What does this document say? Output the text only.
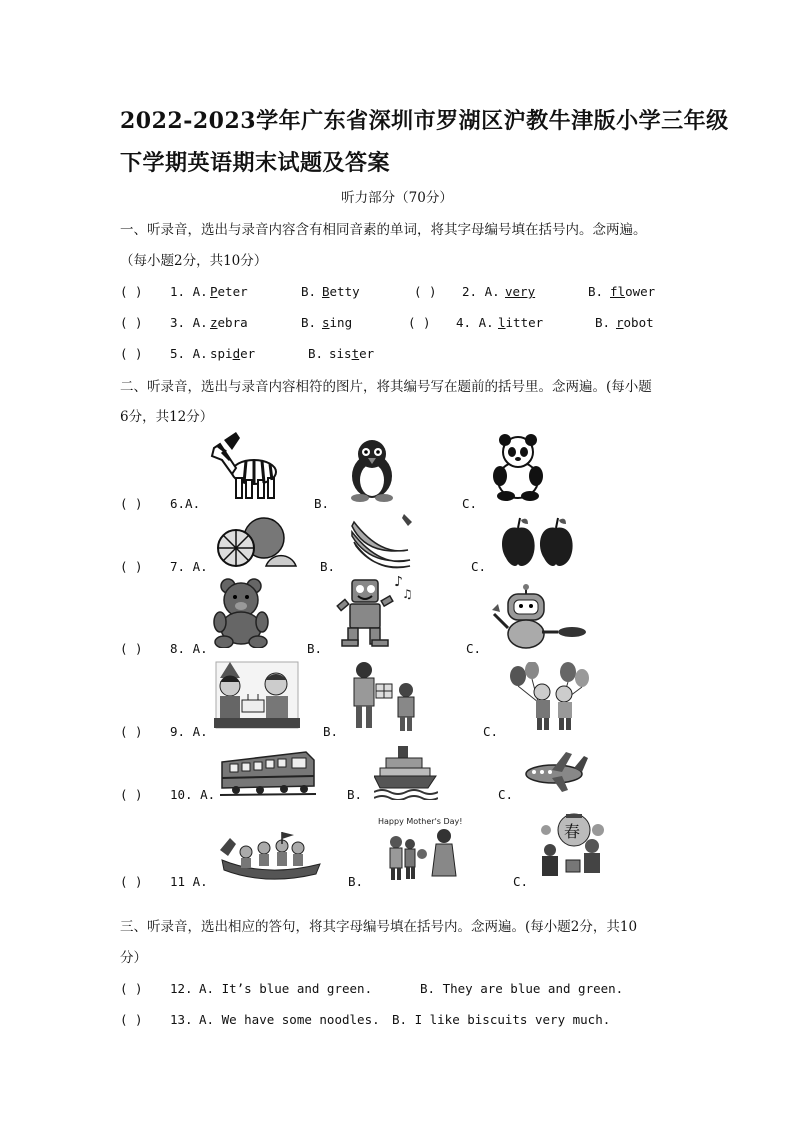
2022-2023学年广东省深圳市罗湖区沪教牛津版小学三年级
下学期英语期末试题及答案
听力部分（70分）
一、听录音，选出与录音内容含有相同音素的单词，将其字母编号填在括号内。念两遍。
（每小题2分，共10分）
( ) 1. A. Peter	B. Betty	( ) 2. A. very	B. flower
( ) 3. A. zebra	B. sing	( ) 4. A. litter	B. robot
( ) 5. A. spider	B. sister
二、听录音，选出与录音内容相符的图片，将其编号写在题前的括号里。念两遍。(每小题
6分，共12分）
( ) 6.A.	B.	C.
( ) 7. A.	B.	C.
( ) 8. A.	B.	C.
♪
♫
( ) 9. A.	B.	C.
( ) 10. A.	B.	C.
( ) 11 A.	B.	C.
Happy Mother's Day!
春
三、听录音，选出相应的答句，将其字母编号填在括号内。念两遍。(每小题2分，共10
分）
( ) 12. A. It’s blue and green.	B. They are blue and green.
( ) 13. A. We have some noodles. B. I like biscuits very much.
